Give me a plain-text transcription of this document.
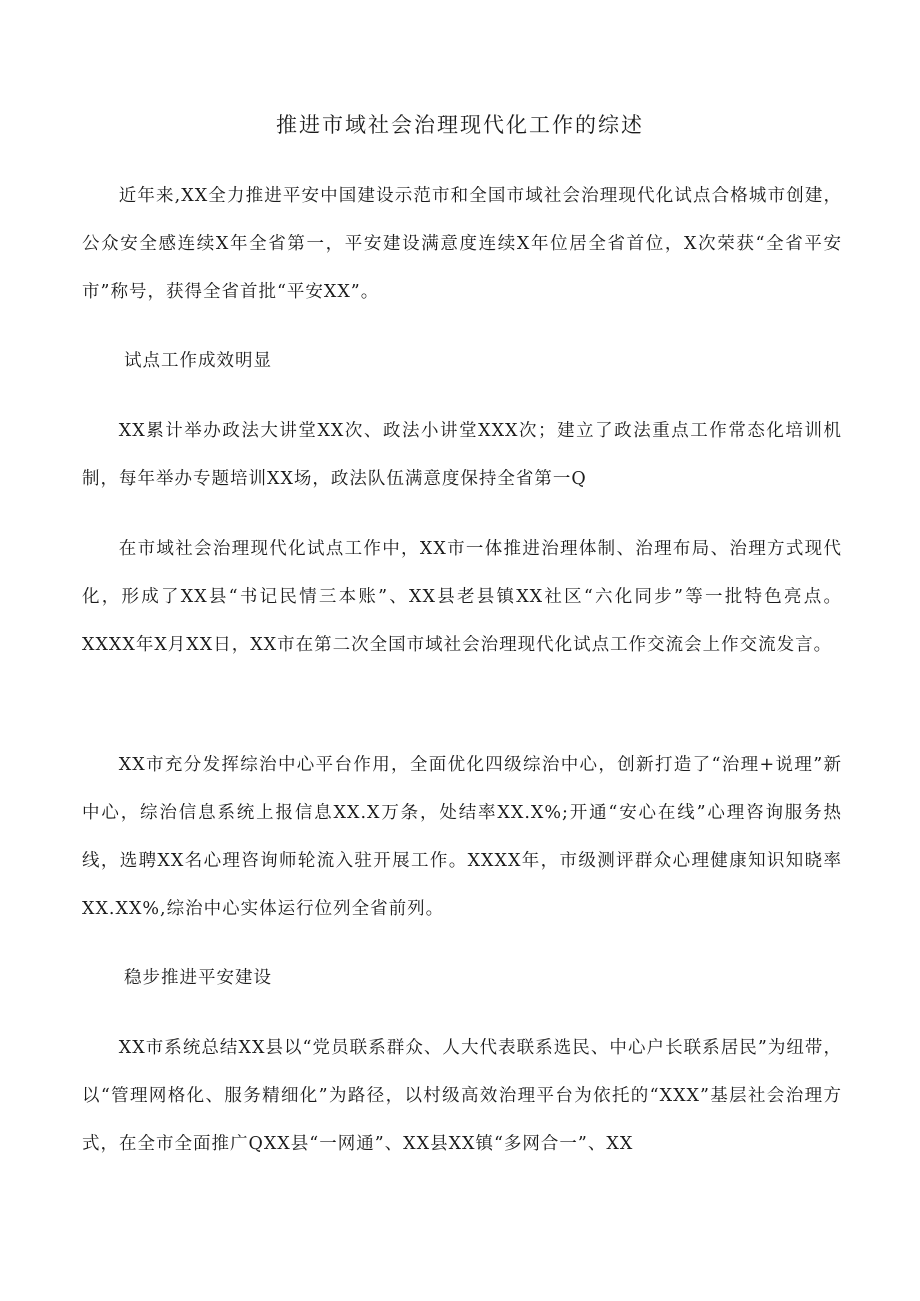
推进市域社会治理现代化工作的综述

近年来,XX全力推进平安中国建设示范市和全国市域社会治理现代化试点合格城市创建，公众安全感连续X年全省第一，平安建设满意度连续X年位居全省首位，X次荣获“全省平安市”称号，获得全省首批“平安XX”。

试点工作成效明显

XX累计举办政法大讲堂XX次、政法小讲堂XXX次；建立了政法重点工作常态化培训机制，每年举办专题培训XX场，政法队伍满意度保持全省第一Q

在市域社会治理现代化试点工作中，XX市一体推进治理体制、治理布局、治理方式现代化，形成了XX县“书记民情三本账”、XX县老县镇XX社区“六化同步”等一批特色亮点。XXXX年X月XX日，XX市在第二次全国市域社会治理现代化试点工作交流会上作交流发言。

XX市充分发挥综治中心平台作用，全面优化四级综治中心，创新打造了“治理+说理”新中心，综治信息系统上报信息XX.X万条，处结率XX.X%;开通“安心在线”心理咨询服务热线，选聘XX名心理咨询师轮流入驻开展工作。XXXX年，市级测评群众心理健康知识知晓率XX.XX%,综治中心实体运行位列全省前列。

稳步推进平安建设

XX市系统总结XX县以“党员联系群众、人大代表联系选民、中心户长联系居民”为纽带，以“管理网格化、服务精细化”为路径，以村级高效治理平台为依托的“XXX”基层社会治理方式，在全市全面推广QXX县“一网通”、XX县XX镇“多网合一”、XX
